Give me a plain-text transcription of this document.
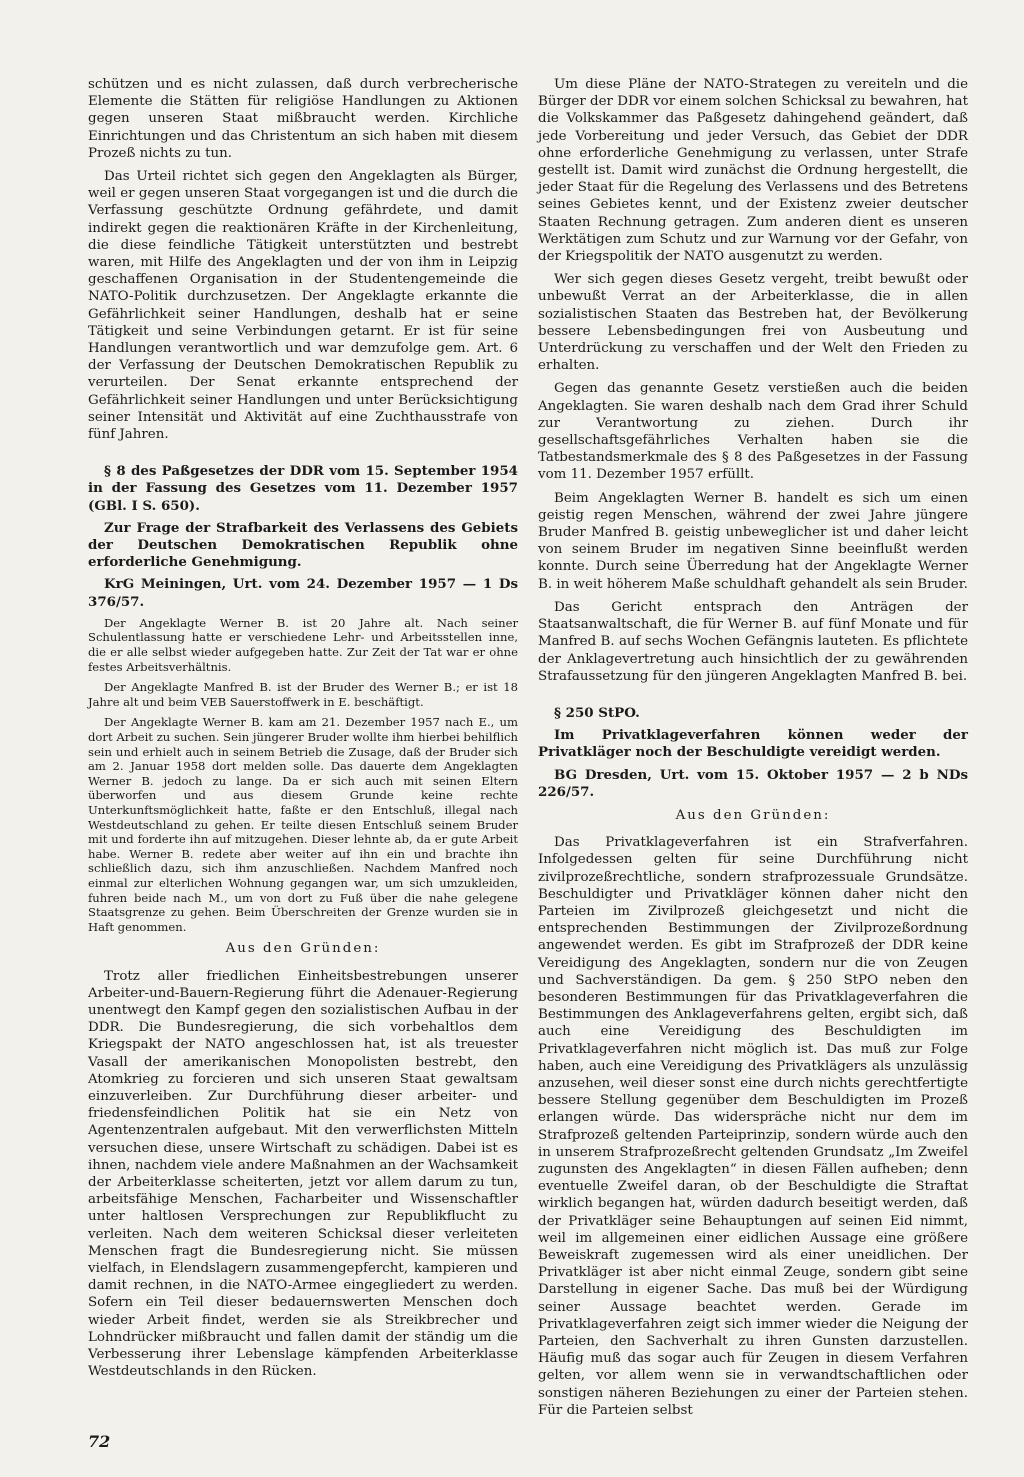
schützen und es nicht zulassen, daß durch verbrecherische Elemente die Stätten für religiöse Handlungen zu Aktionen gegen unseren Staat mißbraucht werden. Kirchliche Einrichtungen und das Christentum an sich haben mit diesem Prozeß nichts zu tun.

Das Urteil richtet sich gegen den Angeklagten als Bürger, weil er gegen unseren Staat vorgegangen ist und die durch die Verfassung geschützte Ordnung gefährdete, und damit indirekt gegen die reaktionären Kräfte in der Kirchenleitung, die diese feindliche Tätigkeit unterstützten und bestrebt waren, mit Hilfe des Angeklagten und der von ihm in Leipzig geschaffenen Organisation in der Studentengemeinde die NATO-Politik durchzusetzen. Der Angeklagte erkannte die Gefährlichkeit seiner Handlungen, deshalb hat er seine Tätigkeit und seine Verbindungen getarnt. Er ist für seine Handlungen verantwortlich und war demzufolge gem. Art. 6 der Verfassung der Deutschen Demokratischen Republik zu verurteilen. Der Senat erkannte entsprechend der Gefährlichkeit seiner Handlungen und unter Berücksichtigung seiner Intensität und Aktivität auf eine Zuchthausstrafe von fünf Jahren.

§ 8 des Paßgesetzes der DDR vom 15. September 1954 in der Fassung des Gesetzes vom 11. Dezember 1957 (GBl. I S. 650).

Zur Frage der Strafbarkeit des Verlassens des Gebiets der Deutschen Demokratischen Republik ohne erforderliche Genehmigung.

KrG Meiningen, Urt. vom 24. Dezember 1957 — 1 Ds 376/57.

Der Angeklagte Werner B. ist 20 Jahre alt. Nach seiner Schulentlassung hatte er verschiedene Lehr- und Arbeitsstellen inne, die er alle selbst wieder aufgegeben hatte. Zur Zeit der Tat war er ohne festes Arbeitsverhältnis.

Der Angeklagte Manfred B. ist der Bruder des Werner B.; er ist 18 Jahre alt und beim VEB Sauerstoffwerk in E. beschäftigt.

Der Angeklagte Werner B. kam am 21. Dezember 1957 nach E., um dort Arbeit zu suchen. Sein jüngerer Bruder wollte ihm hierbei behilflich sein und erhielt auch in seinem Betrieb die Zusage, daß der Bruder sich am 2. Januar 1958 dort melden solle. Das dauerte dem Angeklagten Werner B. jedoch zu lange. Da er sich auch mit seinen Eltern überworfen und aus diesem Grunde keine rechte Unterkunftsmöglichkeit hatte, faßte er den Entschluß, illegal nach Westdeutschland zu gehen. Er teilte diesen Entschluß seinem Bruder mit und forderte ihn auf mitzugehen. Dieser lehnte ab, da er gute Arbeit habe. Werner B. redete aber weiter auf ihn ein und brachte ihn schließlich dazu, sich ihm anzuschließen. Nachdem Manfred noch einmal zur elterlichen Wohnung gegangen war, um sich umzukleiden, fuhren beide nach M., um von dort zu Fuß über die nahe gelegene Staatsgrenze zu gehen. Beim Überschreiten der Grenze wurden sie in Haft genommen.

Aus den Gründen:

Trotz aller friedlichen Einheitsbestrebungen unserer Arbeiter-und-Bauern-Regierung führt die Adenauer-Regierung unentwegt den Kampf gegen den sozialistischen Aufbau in der DDR. Die Bundesregierung, die sich vorbehaltlos dem Kriegspakt der NATO angeschlossen hat, ist als treuester Vasall der amerikanischen Monopolisten bestrebt, den Atomkrieg zu forcieren und sich unseren Staat gewaltsam einzuverleiben. Zur Durchführung dieser arbeiter- und friedensfeindlichen Politik hat sie ein Netz von Agentenzentralen aufgebaut. Mit den verwerflichsten Mitteln versuchen diese, unsere Wirtschaft zu schädigen. Dabei ist es ihnen, nachdem viele andere Maßnahmen an der Wachsamkeit der Arbeiterklasse scheiterten, jetzt vor allem darum zu tun, arbeitsfähige Menschen, Facharbeiter und Wissenschaftler unter haltlosen Versprechungen zur Republikflucht zu verleiten. Nach dem weiteren Schicksal dieser verleiteten Menschen fragt die Bundesregierung nicht. Sie müssen vielfach, in Elendslagern zusammengepfercht, kampieren und damit rechnen, in die NATO-Armee eingegliedert zu werden. Sofern ein Teil dieser bedauernswerten Menschen doch wieder Arbeit findet, werden sie als Streikbrecher und Lohndrücker mißbraucht und fallen damit der ständig um die Verbesserung ihrer Lebenslage kämpfenden Arbeiterklasse Westdeutschlands in den Rücken.

Um diese Pläne der NATO-Strategen zu vereiteln und die Bürger der DDR vor einem solchen Schicksal zu bewahren, hat die Volkskammer das Paßgesetz dahingehend geändert, daß jede Vorbereitung und jeder Versuch, das Gebiet der DDR ohne erforderliche Genehmigung zu verlassen, unter Strafe gestellt ist. Damit wird zunächst die Ordnung hergestellt, die jeder Staat für die Regelung des Verlassens und des Betretens seines Gebietes kennt, und der Existenz zweier deutscher Staaten Rechnung getragen. Zum anderen dient es unseren Werktätigen zum Schutz und zur Warnung vor der Gefahr, von der Kriegspolitik der NATO ausgenutzt zu werden.

Wer sich gegen dieses Gesetz vergeht, treibt bewußt oder unbewußt Verrat an der Arbeiterklasse, die in allen sozialistischen Staaten das Bestreben hat, der Bevölkerung bessere Lebensbedingungen frei von Ausbeutung und Unterdrückung zu verschaffen und der Welt den Frieden zu erhalten.

Gegen das genannte Gesetz verstießen auch die beiden Angeklagten. Sie waren deshalb nach dem Grad ihrer Schuld zur Verantwortung zu ziehen. Durch ihr gesellschaftsgefährliches Verhalten haben sie die Tatbestandsmerkmale des § 8 des Paßgesetzes in der Fassung vom 11. Dezember 1957 erfüllt.

Beim Angeklagten Werner B. handelt es sich um einen geistig regen Menschen, während der zwei Jahre jüngere Bruder Manfred B. geistig unbeweglicher ist und daher leicht von seinem Bruder im negativen Sinne beeinflußt werden konnte. Durch seine Überredung hat der Angeklagte Werner B. in weit höherem Maße schuldhaft gehandelt als sein Bruder.

Das Gericht entsprach den Anträgen der Staatsanwaltschaft, die für Werner B. auf fünf Monate und für Manfred B. auf sechs Wochen Gefängnis lauteten. Es pflichtete der Anklagevertretung auch hinsichtlich der zu gewährenden Strafaussetzung für den jüngeren Angeklagten Manfred B. bei.

§ 250 StPO.

Im Privatklageverfahren können weder der Privatkläger noch der Beschuldigte vereidigt werden.

BG Dresden, Urt. vom 15. Oktober 1957 — 2 b NDs 226/57.

Aus den Gründen:

Das Privatklageverfahren ist ein Strafverfahren. Infolgedessen gelten für seine Durchführung nicht zivilprozeßrechtliche, sondern strafprozessuale Grundsätze. Beschuldigter und Privatkläger können daher nicht den Parteien im Zivilprozeß gleichgesetzt und nicht die entsprechenden Bestimmungen der Zivilprozeßordnung angewendet werden. Es gibt im Strafprozeß der DDR keine Vereidigung des Angeklagten, sondern nur die von Zeugen und Sachverständigen. Da gem. § 250 StPO neben den besonderen Bestimmungen für das Privatklageverfahren die Bestimmungen des Anklageverfahrens gelten, ergibt sich, daß auch eine Vereidigung des Beschuldigten im Privatklageverfahren nicht möglich ist. Das muß zur Folge haben, auch eine Vereidigung des Privatklägers als unzulässig anzusehen, weil dieser sonst eine durch nichts gerechtfertigte bessere Stellung gegenüber dem Beschuldigten im Prozeß erlangen würde. Das widerspräche nicht nur dem im Strafprozeß geltenden Parteiprinzip, sondern würde auch den in unserem Strafprozeßrecht geltenden Grundsatz „Im Zweifel zugunsten des Angeklagten“ in diesen Fällen aufheben; denn eventuelle Zweifel daran, ob der Beschuldigte die Straftat wirklich begangen hat, würden dadurch beseitigt werden, daß der Privatkläger seine Behauptungen auf seinen Eid nimmt, weil im allgemeinen einer eidlichen Aussage eine größere Beweiskraft zugemessen wird als einer uneidlichen. Der Privatkläger ist aber nicht einmal Zeuge, sondern gibt seine Darstellung in eigener Sache. Das muß bei der Würdigung seiner Aussage beachtet werden. Gerade im Privatklageverfahren zeigt sich immer wieder die Neigung der Parteien, den Sachverhalt zu ihren Gunsten darzustellen. Häufig muß das sogar auch für Zeugen in diesem Verfahren gelten, vor allem wenn sie in verwandtschaftlichen oder sonstigen näheren Beziehungen zu einer der Parteien stehen. Für die Parteien selbst

72
